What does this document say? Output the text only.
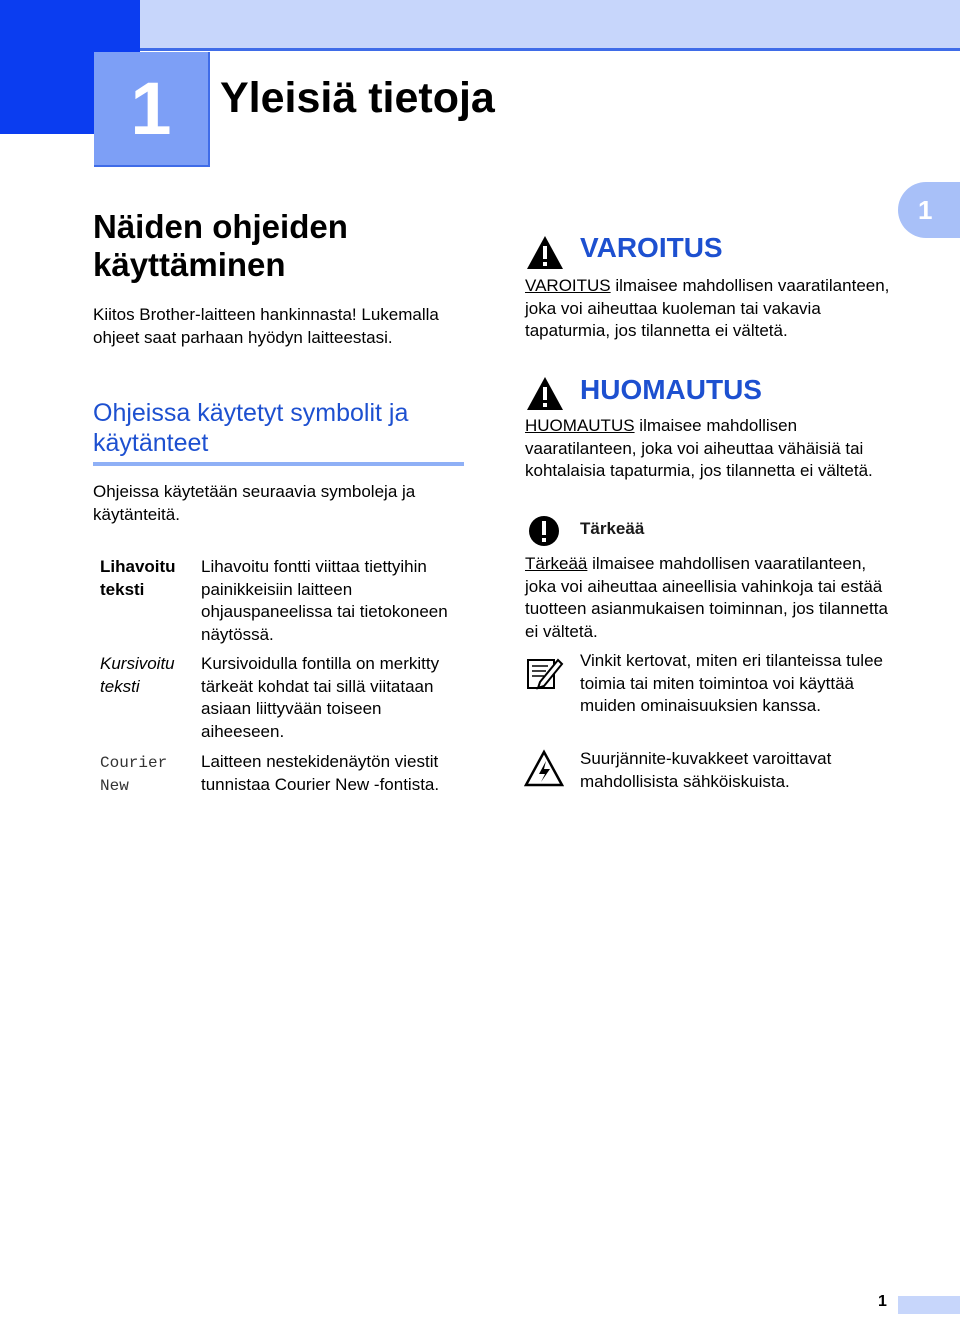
1	Yleisiä tietoja
1
Näiden ohjeiden käyttäminen
Kiitos Brother-laitteen hankinnasta! Lukemalla ohjeet saat parhaan hyödyn laitteestasi.
Ohjeissa käytetyt symbolit ja käytänteet
Ohjeissa käytetään seuraavia symboleja ja käytänteitä.
Lihavoitu teksti
Lihavoitu fontti viittaa tiettyihin painikkeisiin laitteen ohjauspaneelissa tai tietokoneen näytössä.
Kursivoitu teksti
Kursivoidulla fontilla on merkitty tärkeät kohdat tai sillä viitataan asiaan liittyvään toiseen aiheeseen.
Courier New
Laitteen nestekidenäytön viestit tunnistaa Courier New -fontista.
VAROITUS
VAROITUS ilmaisee mahdollisen vaaratilanteen, joka voi aiheuttaa kuoleman tai vakavia tapaturmia, jos tilannetta ei vältetä.
HUOMAUTUS
HUOMAUTUS ilmaisee mahdollisen vaaratilanteen, joka voi aiheuttaa vähäisiä tai kohtalaisia tapaturmia, jos tilannetta ei vältetä.
Tärkeää
Tärkeää ilmaisee mahdollisen vaaratilanteen, joka voi aiheuttaa aineellisia vahinkoja tai estää tuotteen asianmukaisen toiminnan, jos tilannetta ei vältetä.
Vinkit kertovat, miten eri tilanteissa tulee toimia tai miten toimintoa voi käyttää muiden ominaisuuksien kanssa.
Suurjännite-kuvakkeet varoittavat mahdollisista sähköiskuista.
1
